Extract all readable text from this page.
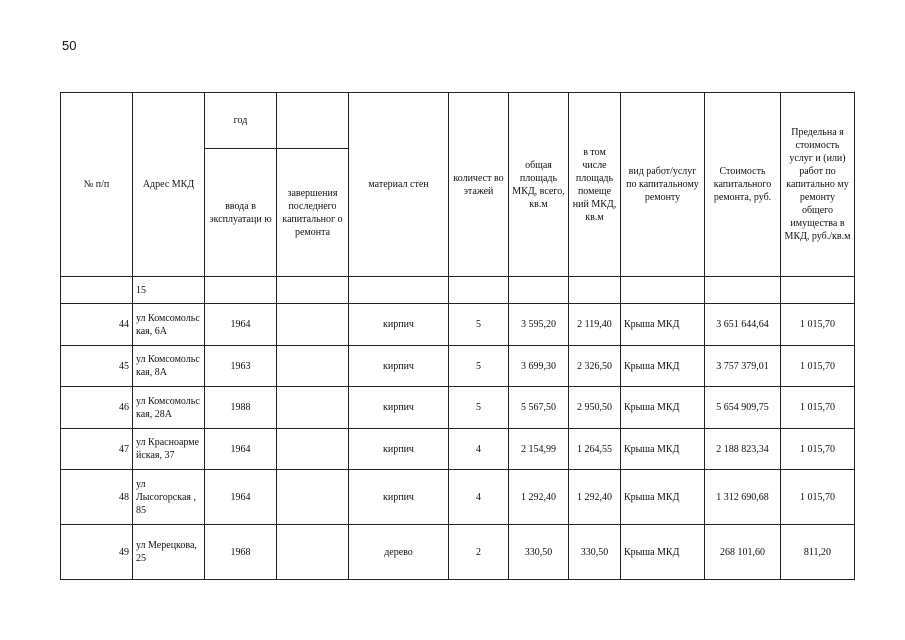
50
№ п/п	Адрес МКД	год		материал стен	количест во этажей	общая площадь МКД, всего, кв.м	в том числе площадь помеще ний МКД, кв.м	вид работ/услуг по капитальному ремонту	Стоимость капитального ремонта, руб.	Предельна я стоимость услуг и (или) работ по капитально му ремонту общего имущества в МКД, руб./кв.м
		ввода в эксплуатаци ю	завершения последнего капитальног о ремонта							
	15									
44	ул Комсомольс кая, 6А	1964		кирпич	5	3 595,20	2 119,40	Крыша МКД	3 651 644,64	1 015,70
45	ул Комсомольс кая, 8А	1963		кирпич	5	3 699,30	2 326,50	Крыша МКД	3 757 379,01	1 015,70
46	ул Комсомольс кая, 28А	1988		кирпич	5	5 567,50	2 950,50	Крыша МКД	5 654 909,75	1 015,70
47	ул Красноарме йская, 37	1964		кирпич	4	2 154,99	1 264,55	Крыша МКД	2 188 823,34	1 015,70
48	ул Лысогорская , 85	1964		кирпич	4	1 292,40	1 292,40	Крыша МКД	1 312 690,68	1 015,70
49	ул Мерецкова, 25	1968		дерево	2	330,50	330,50	Крыша МКД	268 101,60	811,20
